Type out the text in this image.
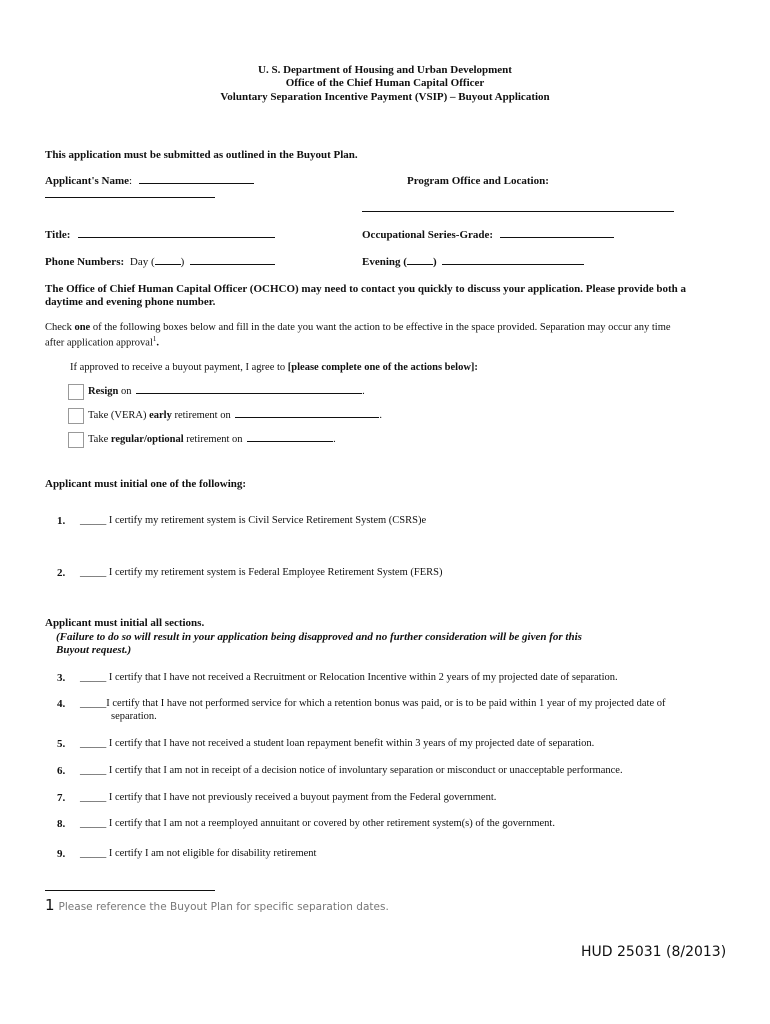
U. S. Department of Housing and Urban Development
Office of the Chief Human Capital Officer
Voluntary Separation Incentive Payment (VSIP) – Buyout Application
This application must be submitted as outlined in the Buyout Plan.
Applicant's Name:	Program Office and Location:
Title:	Occupational Series-Grade:
Phone Numbers: Day ( )	Evening ( )
The Office of Chief Human Capital Officer (OCHCO) may need to contact you quickly to discuss your application. Please provide both a
daytime and evening phone number.
Check one of the following boxes below and fill in the date you want the action to be effective in the space provided. Separation may occur any time
after application approval$^1$.
If approved to receive a buyout payment, I agree to [please complete one of the actions below]:
Resign on	.
Take (VERA) early retirement on	.
Take regular/optional retirement on	.
Applicant must initial one of the following:
1. _____ I certify my retirement system is Civil Service Retirement System (CSRS)e
2. _____ I certify my retirement system is Federal Employee Retirement System (FERS)
Applicant must initial all sections.
(Failure to do so will result in your application being disapproved and no further consideration will be given for this
Buyout request.)
3. _____ I certify that I have not received a Recruitment or Relocation Incentive within 2 years of my projected date of separation.
4. _____I certify that I have not performed service for which a retention bonus was paid, or is to be paid within 1 year of my projected date of
separation.
5. _____ I certify that I have not received a student loan repayment benefit within 3 years of my projected date of separation.
6. _____ I certify that I am not in receipt of a decision notice of involuntary separation or misconduct or unacceptable performance.
7. _____ I certify that I have not previously received a buyout payment from the Federal government.
8. _____ I certify that I am not a reemployed annuitant or covered by other retirement system(s) of the government.
9. _____ I certify I am not eligible for disability retirement
1 Please reference the Buyout Plan for specific separation dates.
HUD 25031 (8/2013)
